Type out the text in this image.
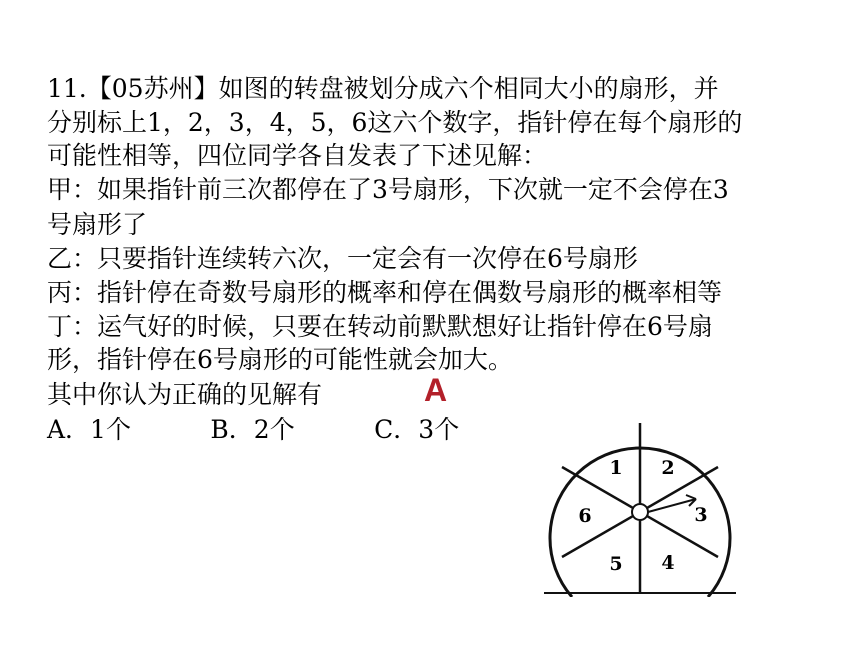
11.【05苏州】如图的转盘被划分成六个相同大小的扇形，并
分别标上1，2，3，4，5，6这六个数字，指针停在每个扇形的
可能性相等，四位同学各自发表了下述见解：
甲：如果指针前三次都停在了3号扇形，下次就一定不会停在3
号扇形了
乙：只要指针连续转六次，一定会有一次停在6号扇形
丙：指针停在奇数号扇形的概率和停在偶数号扇形的概率相等
丁：运气好的时候，只要在转动前默默想好让指针停在6号扇
形，指针停在6号扇形的可能性就会加大。
其中你认为正确的见解有
A．1个          B．2个          C．3个
A
1 2
3
4
5
6
